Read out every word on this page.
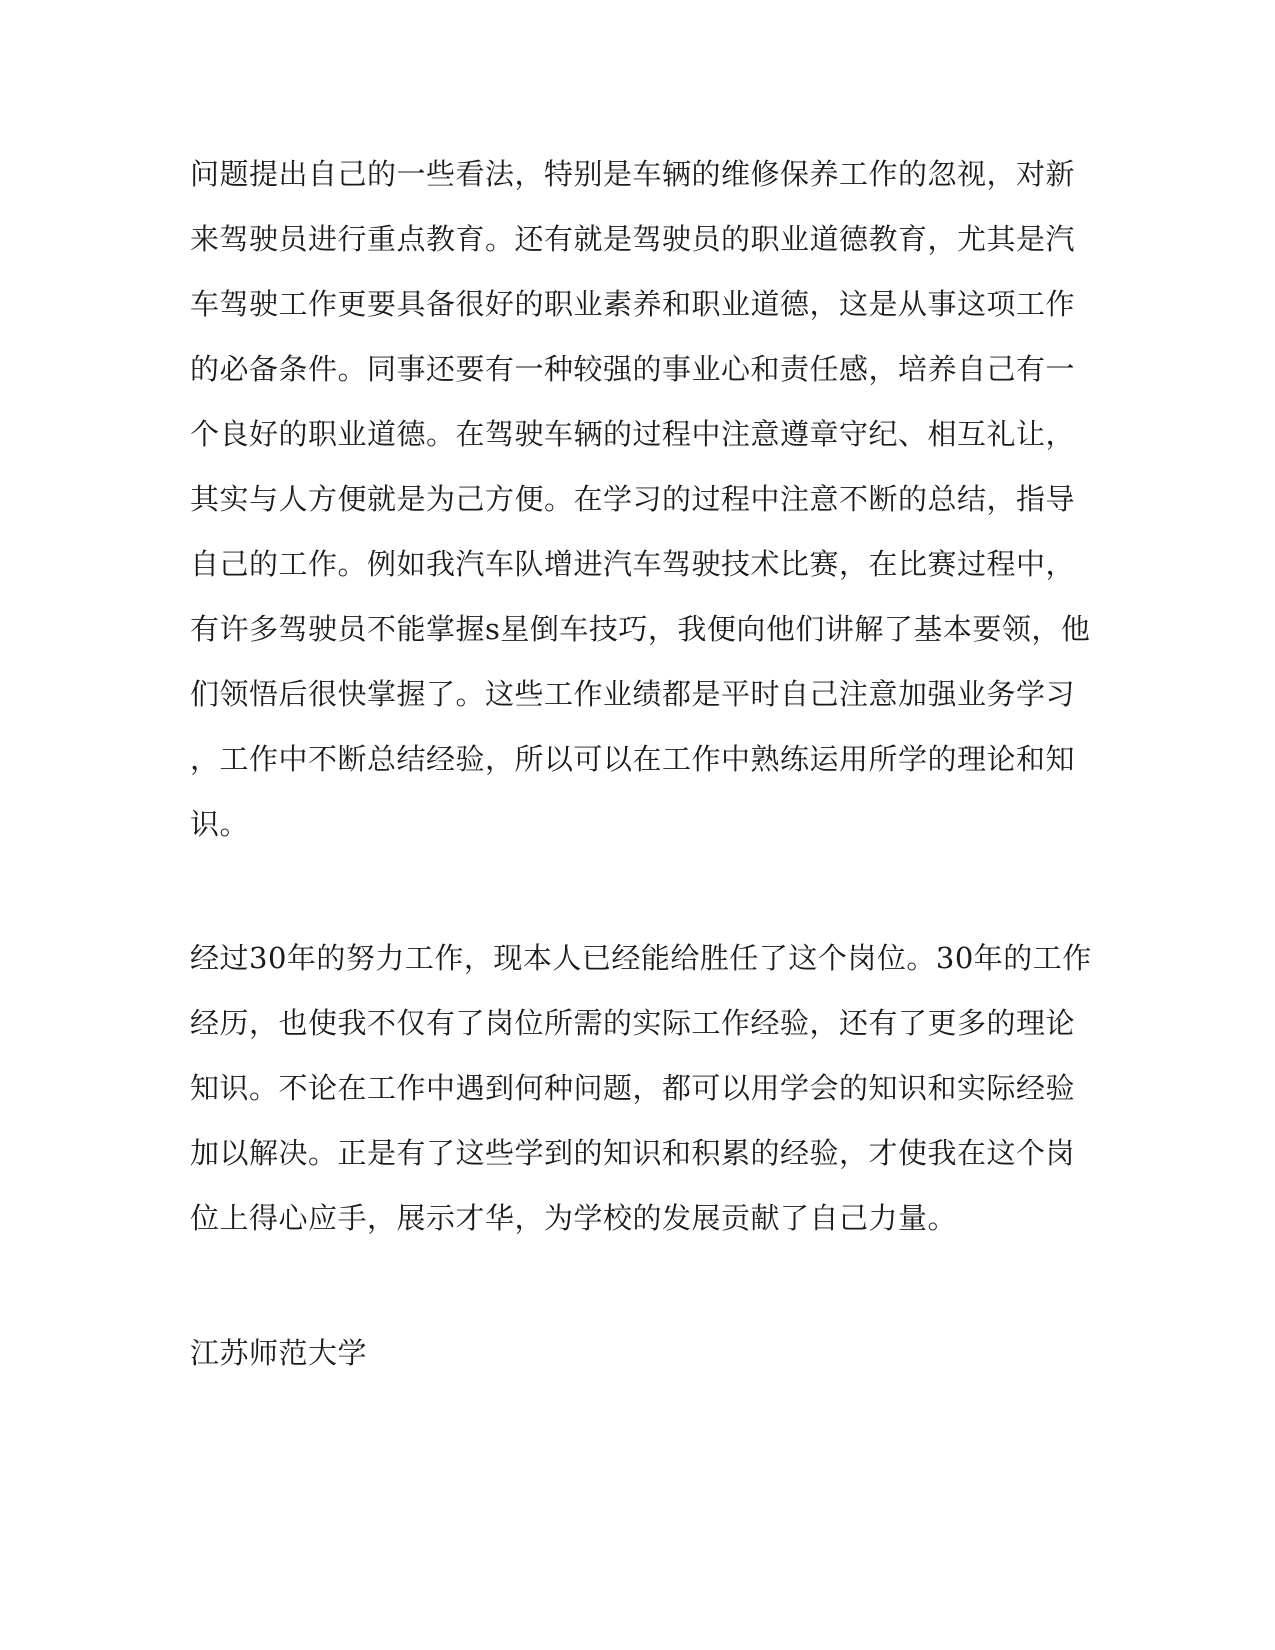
问题提出自己的一些看法，特别是车辆的维修保养工作的忽视，对新
来驾驶员进行重点教育。还有就是驾驶员的职业道德教育，尤其是汽
车驾驶工作更要具备很好的职业素养和职业道德，这是从事这项工作
的必备条件。同事还要有一种较强的事业心和责任感，培养自己有一
个良好的职业道德。在驾驶车辆的过程中注意遵章守纪、相互礼让，
其实与人方便就是为己方便。在学习的过程中注意不断的总结，指导
自己的工作。例如我汽车队增进汽车驾驶技术比赛，在比赛过程中，
有许多驾驶员不能掌握s星倒车技巧，我便向他们讲解了基本要领，他
们领悟后很快掌握了。这些工作业绩都是平时自己注意加强业务学习
，工作中不断总结经验，所以可以在工作中熟练运用所学的理论和知
识。
经过30年的努力工作，现本人已经能给胜任了这个岗位。30年的工作
经历，也使我不仅有了岗位所需的实际工作经验，还有了更多的理论
知识。不论在工作中遇到何种问题，都可以用学会的知识和实际经验
加以解决。正是有了这些学到的知识和积累的经验，才使我在这个岗
位上得心应手，展示才华，为学校的发展贡献了自己力量。
江苏师范大学
